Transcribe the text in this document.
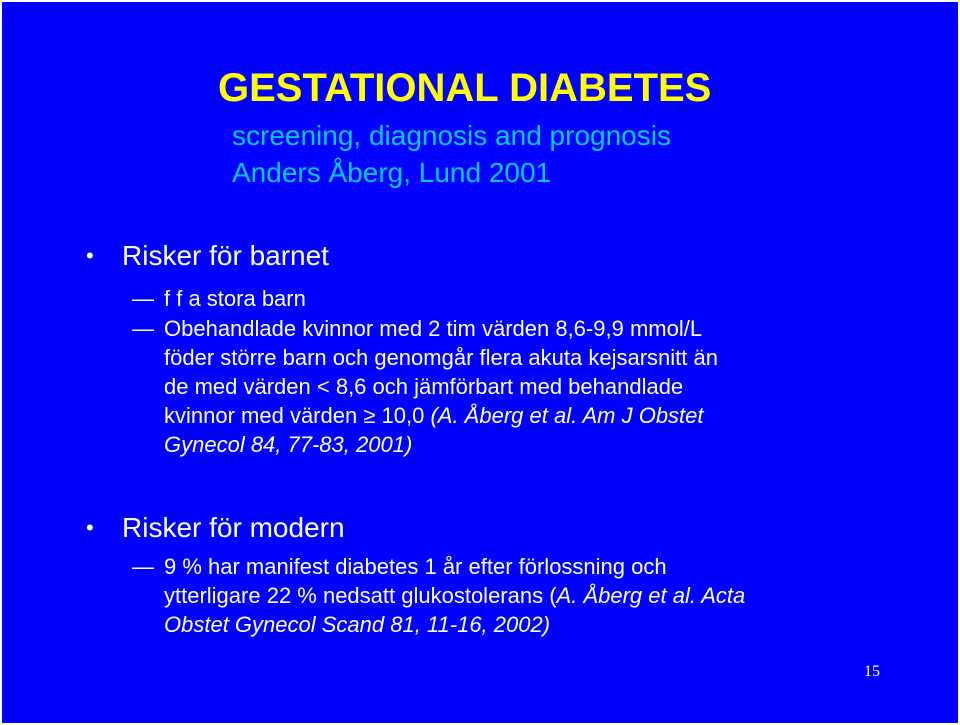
GESTATIONAL DIABETES
screening, diagnosis and prognosis
Anders Åberg, Lund 2001
• Risker för barnet
— f f a stora barn
— Obehandlade kvinnor med 2 tim värden 8,6-9,9 mmol/L
föder större barn och genomgår flera akuta kejsarsnitt än
de med värden < 8,6 och jämförbart med behandlade
kvinnor med värden ≥ 10,0 (A. Åberg et al. Am J Obstet
Gynecol 84, 77-83, 2001)
• Risker för modern
— 9 % har manifest diabetes 1 år efter förlossning och
ytterligare 22 % nedsatt glukostolerans (A. Åberg et al. Acta
Obstet Gynecol Scand 81, 11-16, 2002)
15
